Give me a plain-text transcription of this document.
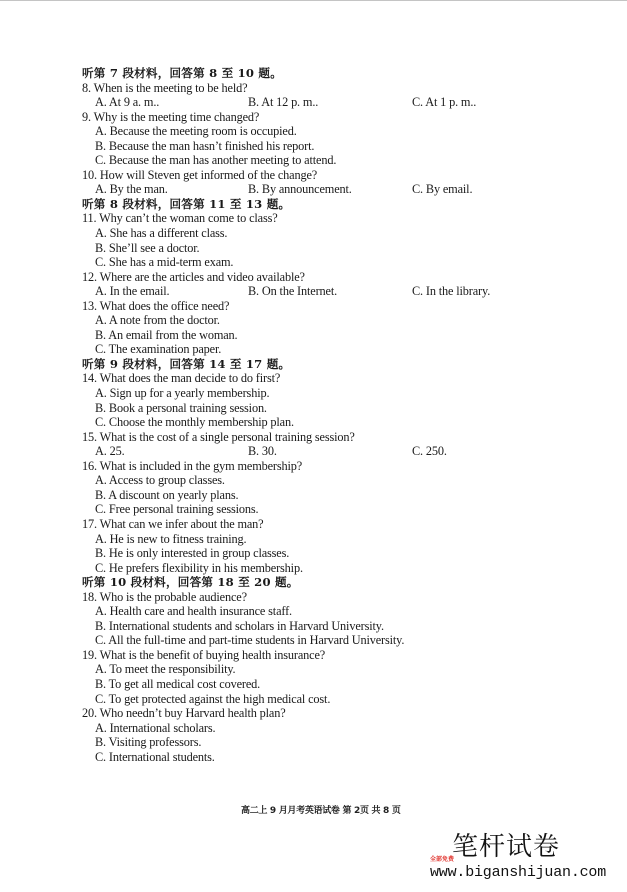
听第 7 段材料，回答第 8 至 10 题。
8. When is the meeting to be held?
A. At 9 a. m..	B. At 12 p. m..	C. At 1 p. m..
9. Why is the meeting time changed?
A. Because the meeting room is occupied.
B. Because the man hasn’t finished his report.
C. Because the man has another meeting to attend.
10. How will Steven get informed of the change?
A. By the man.	B. By announcement.	C. By email.
听第 8 段材料，回答第 11 至 13 题。
11. Why can’t the woman come to class?
A. She has a different class.
B. She’ll see a doctor.
C. She has a mid-term exam.
12. Where are the articles and video available?
A. In the email.	B. On the Internet.	C. In the library.
13. What does the office need?
A. A note from the doctor.
B. An email from the woman.
C. The examination paper.
听第 9 段材料，回答第 14 至 17 题。
14. What does the man decide to do first?
A. Sign up for a yearly membership.
B. Book a personal training session.
C. Choose the monthly membership plan.
15. What is the cost of a single personal training session?
A. 25.	B. 30.	C. 250.
16. What is included in the gym membership?
A. Access to group classes.
B. A discount on yearly plans.
C. Free personal training sessions.
17. What can we infer about the man?
A. He is new to fitness training.
B. He is only interested in group classes.
C. He prefers flexibility in his membership.
听第 10 段材料，回答第 18 至 20 题。
18. Who is the probable audience?
A. Health care and health insurance staff.
B. International students and scholars in Harvard University.
C. All the full-time and part-time students in Harvard University.
19. What is the benefit of buying health insurance?
A. To meet the responsibility.
B. To get all medical cost covered.
C. To get protected against the high medical cost.
20. Who needn’t buy Harvard health plan?
A. International scholars.
B. Visiting professors.
C. International students.
高二上 9 月月考英语试卷 第 2页 共 8 页
笔杆试卷
全部免费
www.biganshijuan.com
